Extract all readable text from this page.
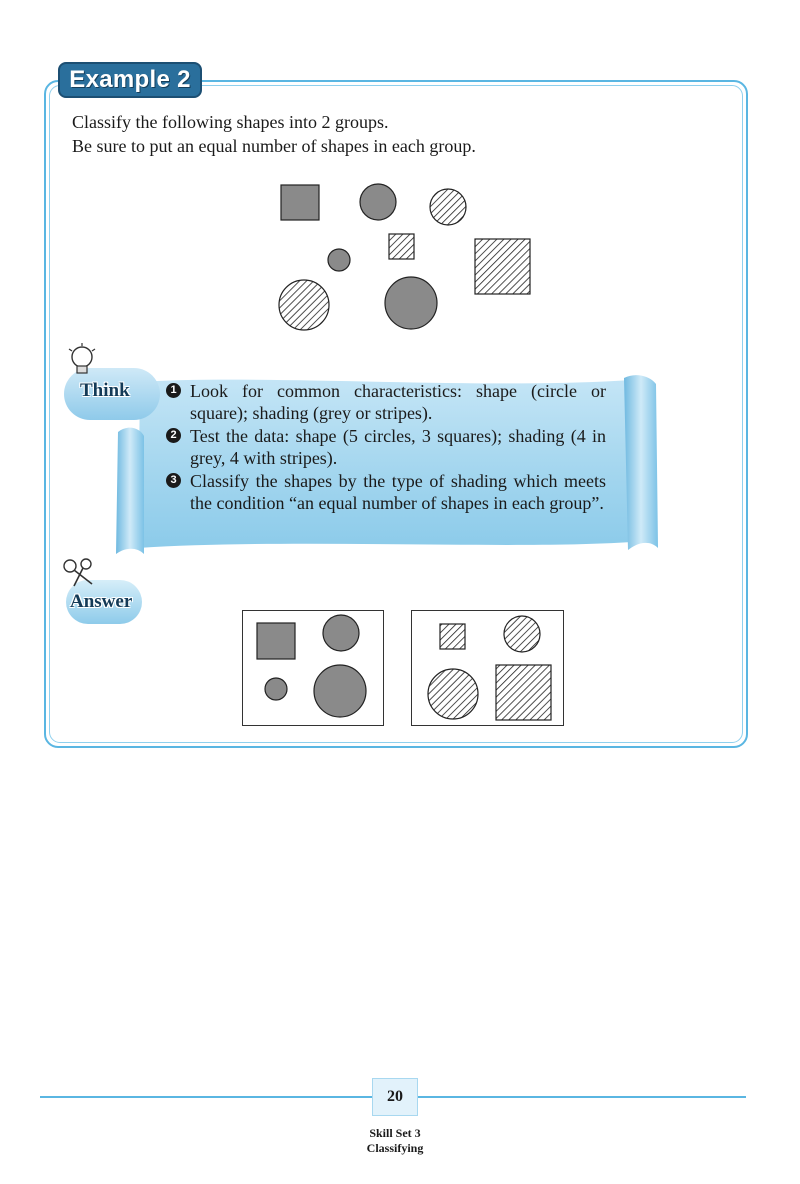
Example 2
Classify the following shapes into 2 groups.
Be sure to put an equal number of shapes in each group.
Think	1 Look for common characteristics: shape (circle or square); shading (grey or stripes).
2 Test the data: shape (5 circles, 3 squares); shading (4 in grey, 4 with stripes).
3 Classify the shapes by the type of shading which meets the condition “an equal number of shapes in each group”.
Answer
20
Skill Set 3
Classifying
